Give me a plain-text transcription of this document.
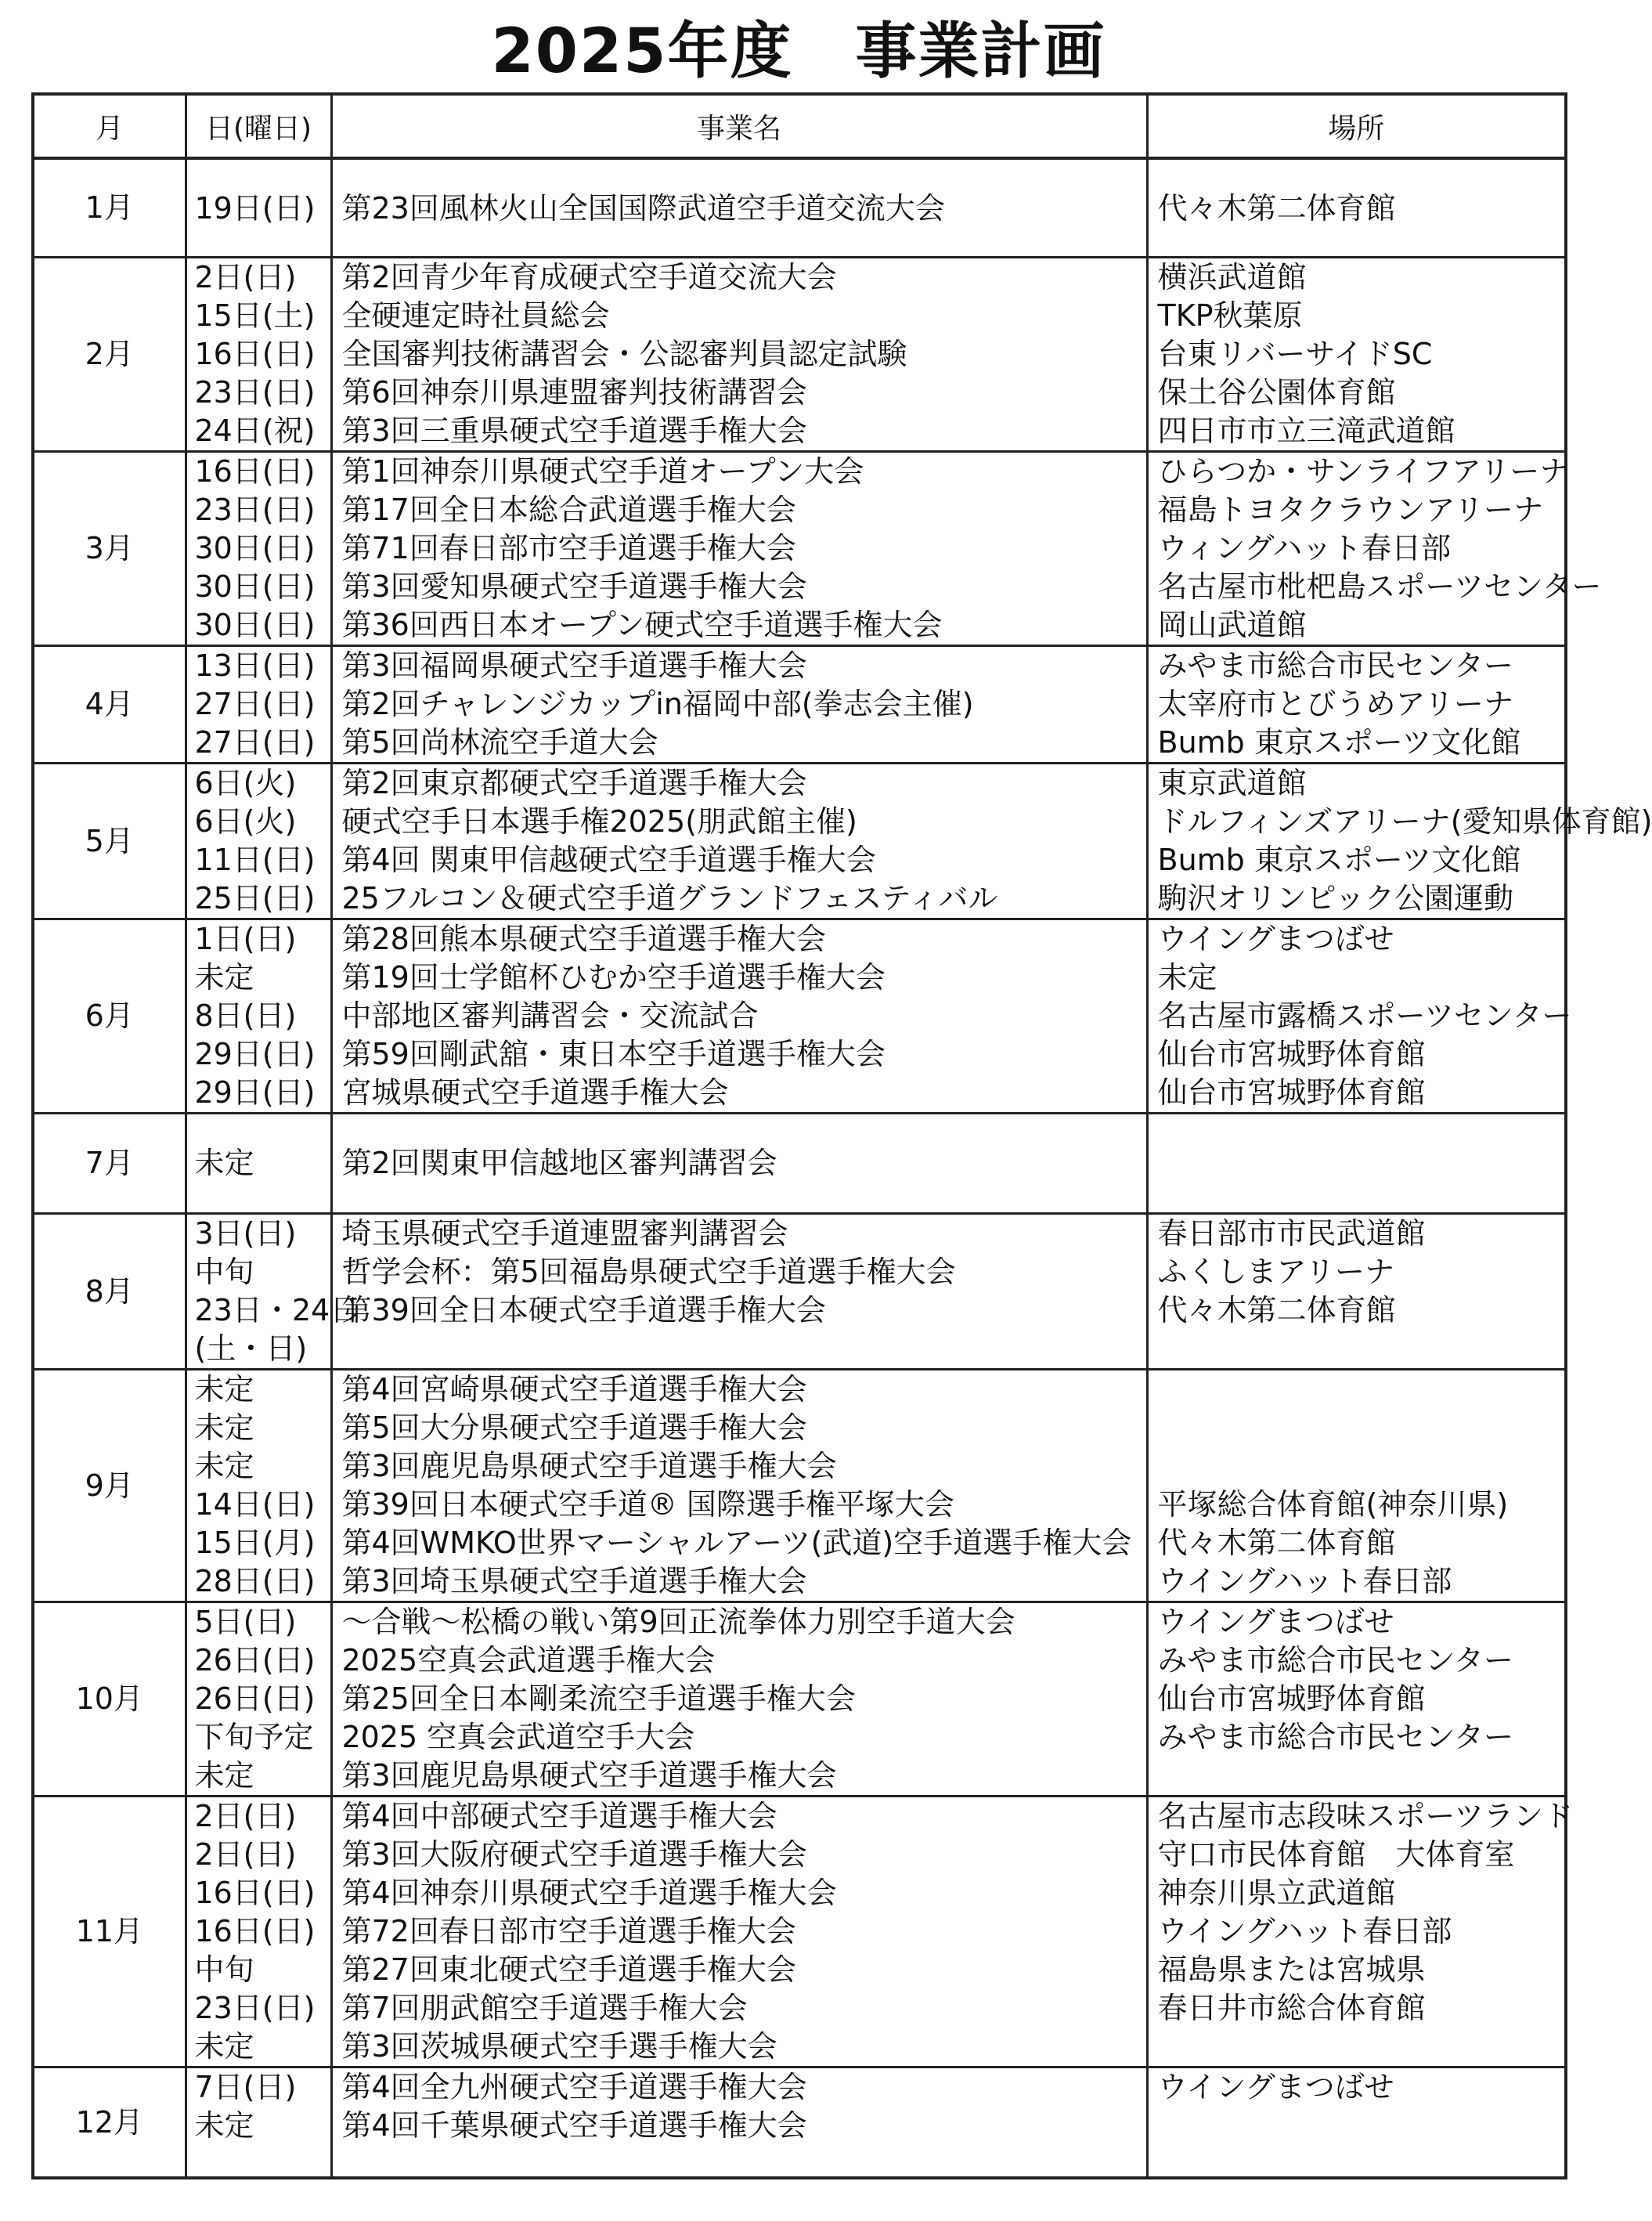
2025年度　事業計画
月	日(曜日)	事業名	場所
1月	19日(日)	第23回風林火山全国国際武道空手道交流大会	代々木第二体育館
2月	2日(日)	第2回青少年育成硬式空手道交流大会	横浜武道館
	15日(土)	全硬連定時社員総会	TKP秋葉原
	16日(日)	全国審判技術講習会・公認審判員認定試験	台東リバーサイドSC
	23日(日)	第6回神奈川県連盟審判技術講習会	保土谷公園体育館
	24日(祝)	第3回三重県硬式空手道選手権大会	四日市市立三滝武道館
3月	16日(日)	第1回神奈川県硬式空手道オープン大会	ひらつか・サンライフアリーナ
	23日(日)	第17回全日本総合武道選手権大会	福島トヨタクラウンアリーナ
	30日(日)	第71回春日部市空手道選手権大会	ウィングハット春日部
	30日(日)	第3回愛知県硬式空手道選手権大会	名古屋市枇杷島スポーツセンター
	30日(日)	第36回西日本オープン硬式空手道選手権大会	岡山武道館
4月	13日(日)	第3回福岡県硬式空手道選手権大会	みやま市総合市民センター
	27日(日)	第2回チャレンジカップin福岡中部(拳志会主催)	太宰府市とびうめアリーナ
	27日(日)	第5回尚林流空手道大会	Bumb 東京スポーツ文化館
5月	6日(火)	第2回東京都硬式空手道選手権大会	東京武道館
	6日(火)	硬式空手日本選手権2025(朋武館主催)	ドルフィンズアリーナ(愛知県体育館)
	11日(日)	第4回 関東甲信越硬式空手道選手権大会	Bumb 東京スポーツ文化館
	25日(日)	25フルコン＆硬式空手道グランドフェスティバル	駒沢オリンピック公園運動
6月	1日(日)	第28回熊本県硬式空手道選手権大会	ウイングまつばせ
	未定	第19回士学館杯ひむか空手道選手権大会	未定
	8日(日)	中部地区審判講習会・交流試合	名古屋市露橋スポーツセンター
	29日(日)	第59回剛武舘・東日本空手道選手権大会	仙台市宮城野体育館
	29日(日)	宮城県硬式空手道選手権大会	仙台市宮城野体育館
7月	未定	第2回関東甲信越地区審判講習会	
8月	3日(日)	埼玉県硬式空手道連盟審判講習会	春日部市市民武道館
	中旬	哲学会杯：第5回福島県硬式空手道選手権大会	ふくしまアリーナ
	23日・24日	第39回全日本硬式空手道選手権大会	代々木第二体育館
	(土・日)		
9月	未定	第4回宮崎県硬式空手道選手権大会	
	未定	第5回大分県硬式空手道選手権大会	
	未定	第3回鹿児島県硬式空手道選手権大会	
	14日(日)	第39回日本硬式空手道® 国際選手権平塚大会	平塚総合体育館(神奈川県)
	15日(月)	第4回WMKO世界マーシャルアーツ(武道)空手道選手権大会	代々木第二体育館
	28日(日)	第3回埼玉県硬式空手道選手権大会	ウイングハット春日部
10月	5日(日)	～合戦～松橋の戦い第9回正流拳体力別空手道大会	ウイングまつばせ
	26日(日)	2025空真会武道選手権大会	みやま市総合市民センター
	26日(日)	第25回全日本剛柔流空手道選手権大会	仙台市宮城野体育館
	下旬予定	2025 空真会武道空手大会	みやま市総合市民センター
	未定	第3回鹿児島県硬式空手道選手権大会	
11月	2日(日)	第4回中部硬式空手道選手権大会	名古屋市志段味スポーツランド
	2日(日)	第3回大阪府硬式空手道選手権大会	守口市民体育館　大体育室
	16日(日)	第4回神奈川県硬式空手道選手権大会	神奈川県立武道館
	16日(日)	第72回春日部市空手道選手権大会	ウイングハット春日部
	中旬	第27回東北硬式空手道選手権大会	福島県または宮城県
	23日(日)	第7回朋武館空手道選手権大会	春日井市総合体育館
	未定	第3回茨城県硬式空手選手権大会	
12月	7日(日)	第4回全九州硬式空手道選手権大会	ウイングまつばせ
	未定	第4回千葉県硬式空手道選手権大会	
